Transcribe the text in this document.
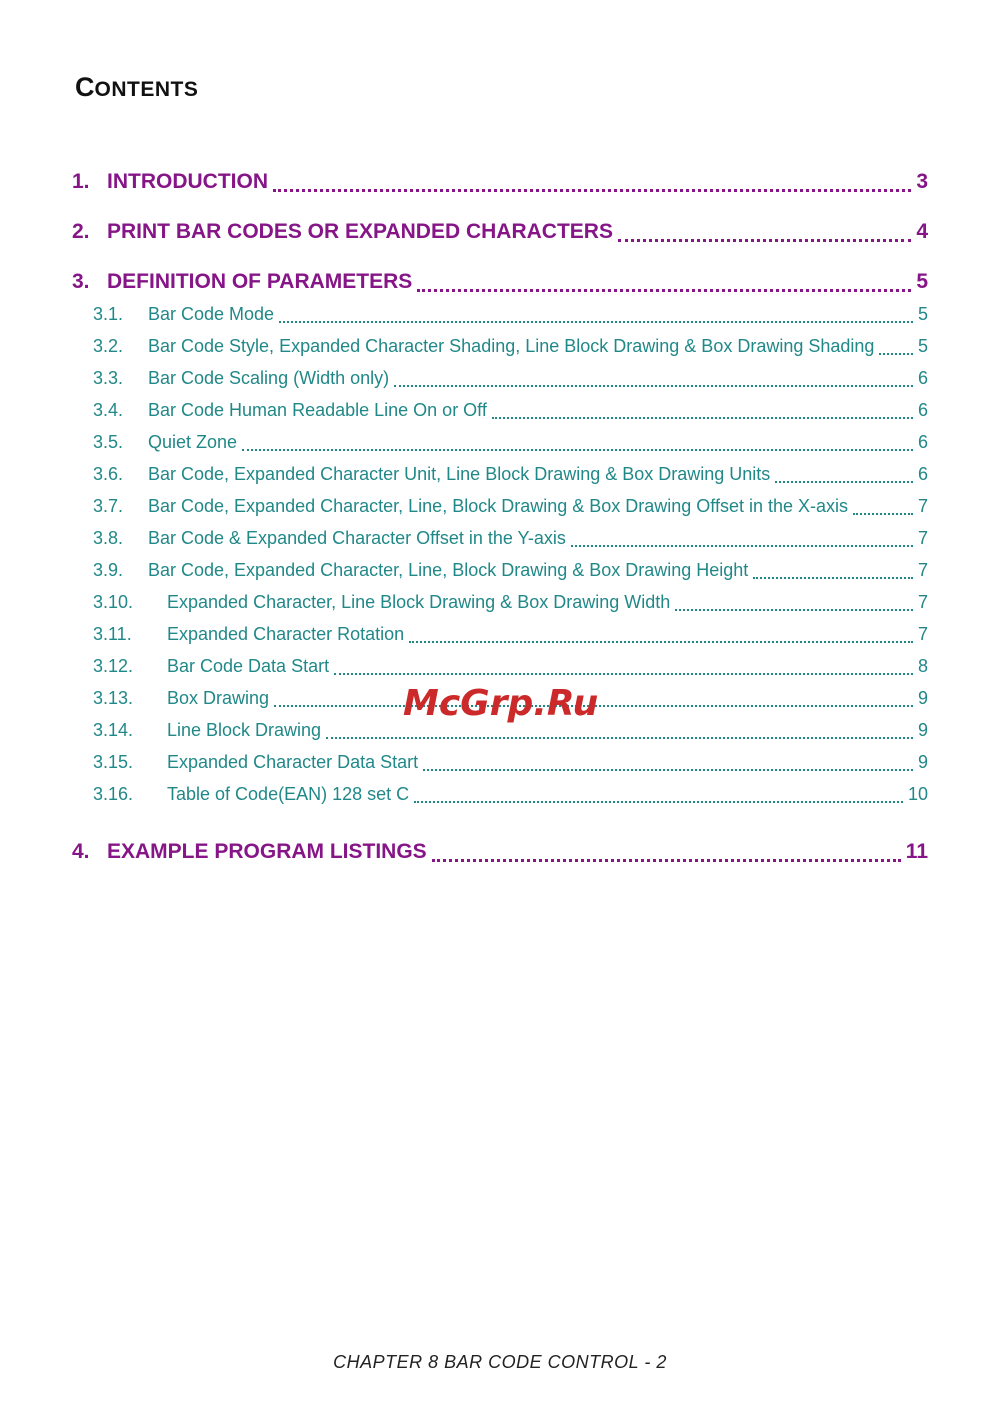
CONTENTS
1. INTRODUCTION	3
2. PRINT BAR CODES OR EXPANDED CHARACTERS	4
3. DEFINITION OF PARAMETERS	5
3.1.	Bar Code Mode	5
3.2.	Bar Code Style, Expanded Character Shading, Line Block Drawing & Box Drawing Shading 5
3.3.	Bar Code Scaling (Width only)	6
3.4.	Bar Code Human Readable Line On or Off	6
3.5.	Quiet Zone	6
3.6.	Bar Code, Expanded Character Unit, Line Block Drawing & Box Drawing Units	6
3.7.	Bar Code, Expanded Character, Line, Block Drawing & Box Drawing Offset in the X-axis	7
3.8.	Bar Code & Expanded Character Offset in the Y-axis	7
3.9.	Bar Code, Expanded Character, Line, Block Drawing & Box Drawing Height	7
3.10.	Expanded Character, Line Block Drawing & Box Drawing Width	7
3.11.	Expanded Character Rotation	7
3.12.	Bar Code Data Start	8
3.13.	Box Drawing	9
3.14.	Line Block Drawing	9
3.15.	Expanded Character Data Start	9
3.16.	Table of Code(EAN) 128 set C	10
4. EXAMPLE PROGRAM LISTINGS	11
McGrp.Ru
CHAPTER 8 BAR CODE CONTROL - 2
